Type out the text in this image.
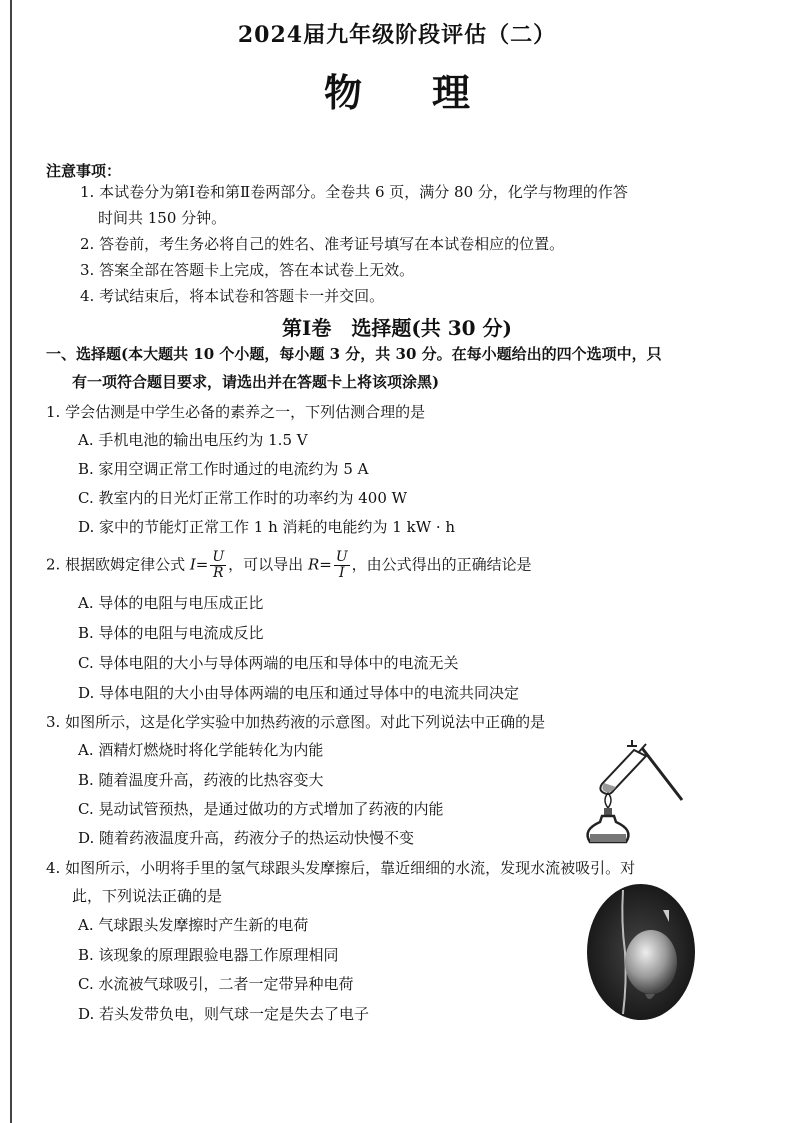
2024届九年级阶段评估（二）
物理
注意事项：
1. 本试卷分为第Ⅰ卷和第Ⅱ卷两部分。全卷共 6 页，满分 80 分，化学与物理的作答
时间共 150 分钟。
2. 答卷前，考生务必将自己的姓名、准考证号填写在本试卷相应的位置。
3. 答案全部在答题卡上完成，答在本试卷上无效。
4. 考试结束后，将本试卷和答题卡一并交回。
第Ⅰ卷　选择题(共 30 分)
一、选择题(本大题共 10 个小题，每小题 3 分，共 30 分。在每小题给出的四个选项中，只
有一项符合题目要求，请选出并在答题卡上将该项涂黑)
1. 学会估测是中学生必备的素养之一，下列估测合理的是
A. 手机电池的输出电压约为 1.5 V
B. 家用空调正常工作时通过的电流约为 5 A
C. 教室内的日光灯正常工作时的功率约为 400 W
D. 家中的节能灯正常工作 1 h 消耗的电能约为 1 kW · h
2. 根据欧姆定律公式 $I= \frac{U}{R}$ ，可以导出 $R= \frac{U}{I}$ ，由公式得出的正确结论是
A. 导体的电阻与电压成正比
B. 导体的电阻与电流成反比
C. 导体电阻的大小与导体两端的电压和导体中的电流无关
D. 导体电阻的大小由导体两端的电压和通过导体中的电流共同决定
3. 如图所示，这是化学实验中加热药液的示意图。对此下列说法中正确的是
A. 酒精灯燃烧时将化学能转化为内能
B. 随着温度升高，药液的比热容变大
C. 晃动试管预热，是通过做功的方式增加了药液的内能
D. 随着药液温度升高，药液分子的热运动快慢不变
4. 如图所示，小明将手里的氢气球跟头发摩擦后，靠近细细的水流，发现水流被吸引。对
此，下列说法正确的是
A. 气球跟头发摩擦时产生新的电荷
B. 该现象的原理跟验电器工作原理相同
C. 水流被气球吸引，二者一定带异种电荷
D. 若头发带负电，则气球一定是失去了电子
